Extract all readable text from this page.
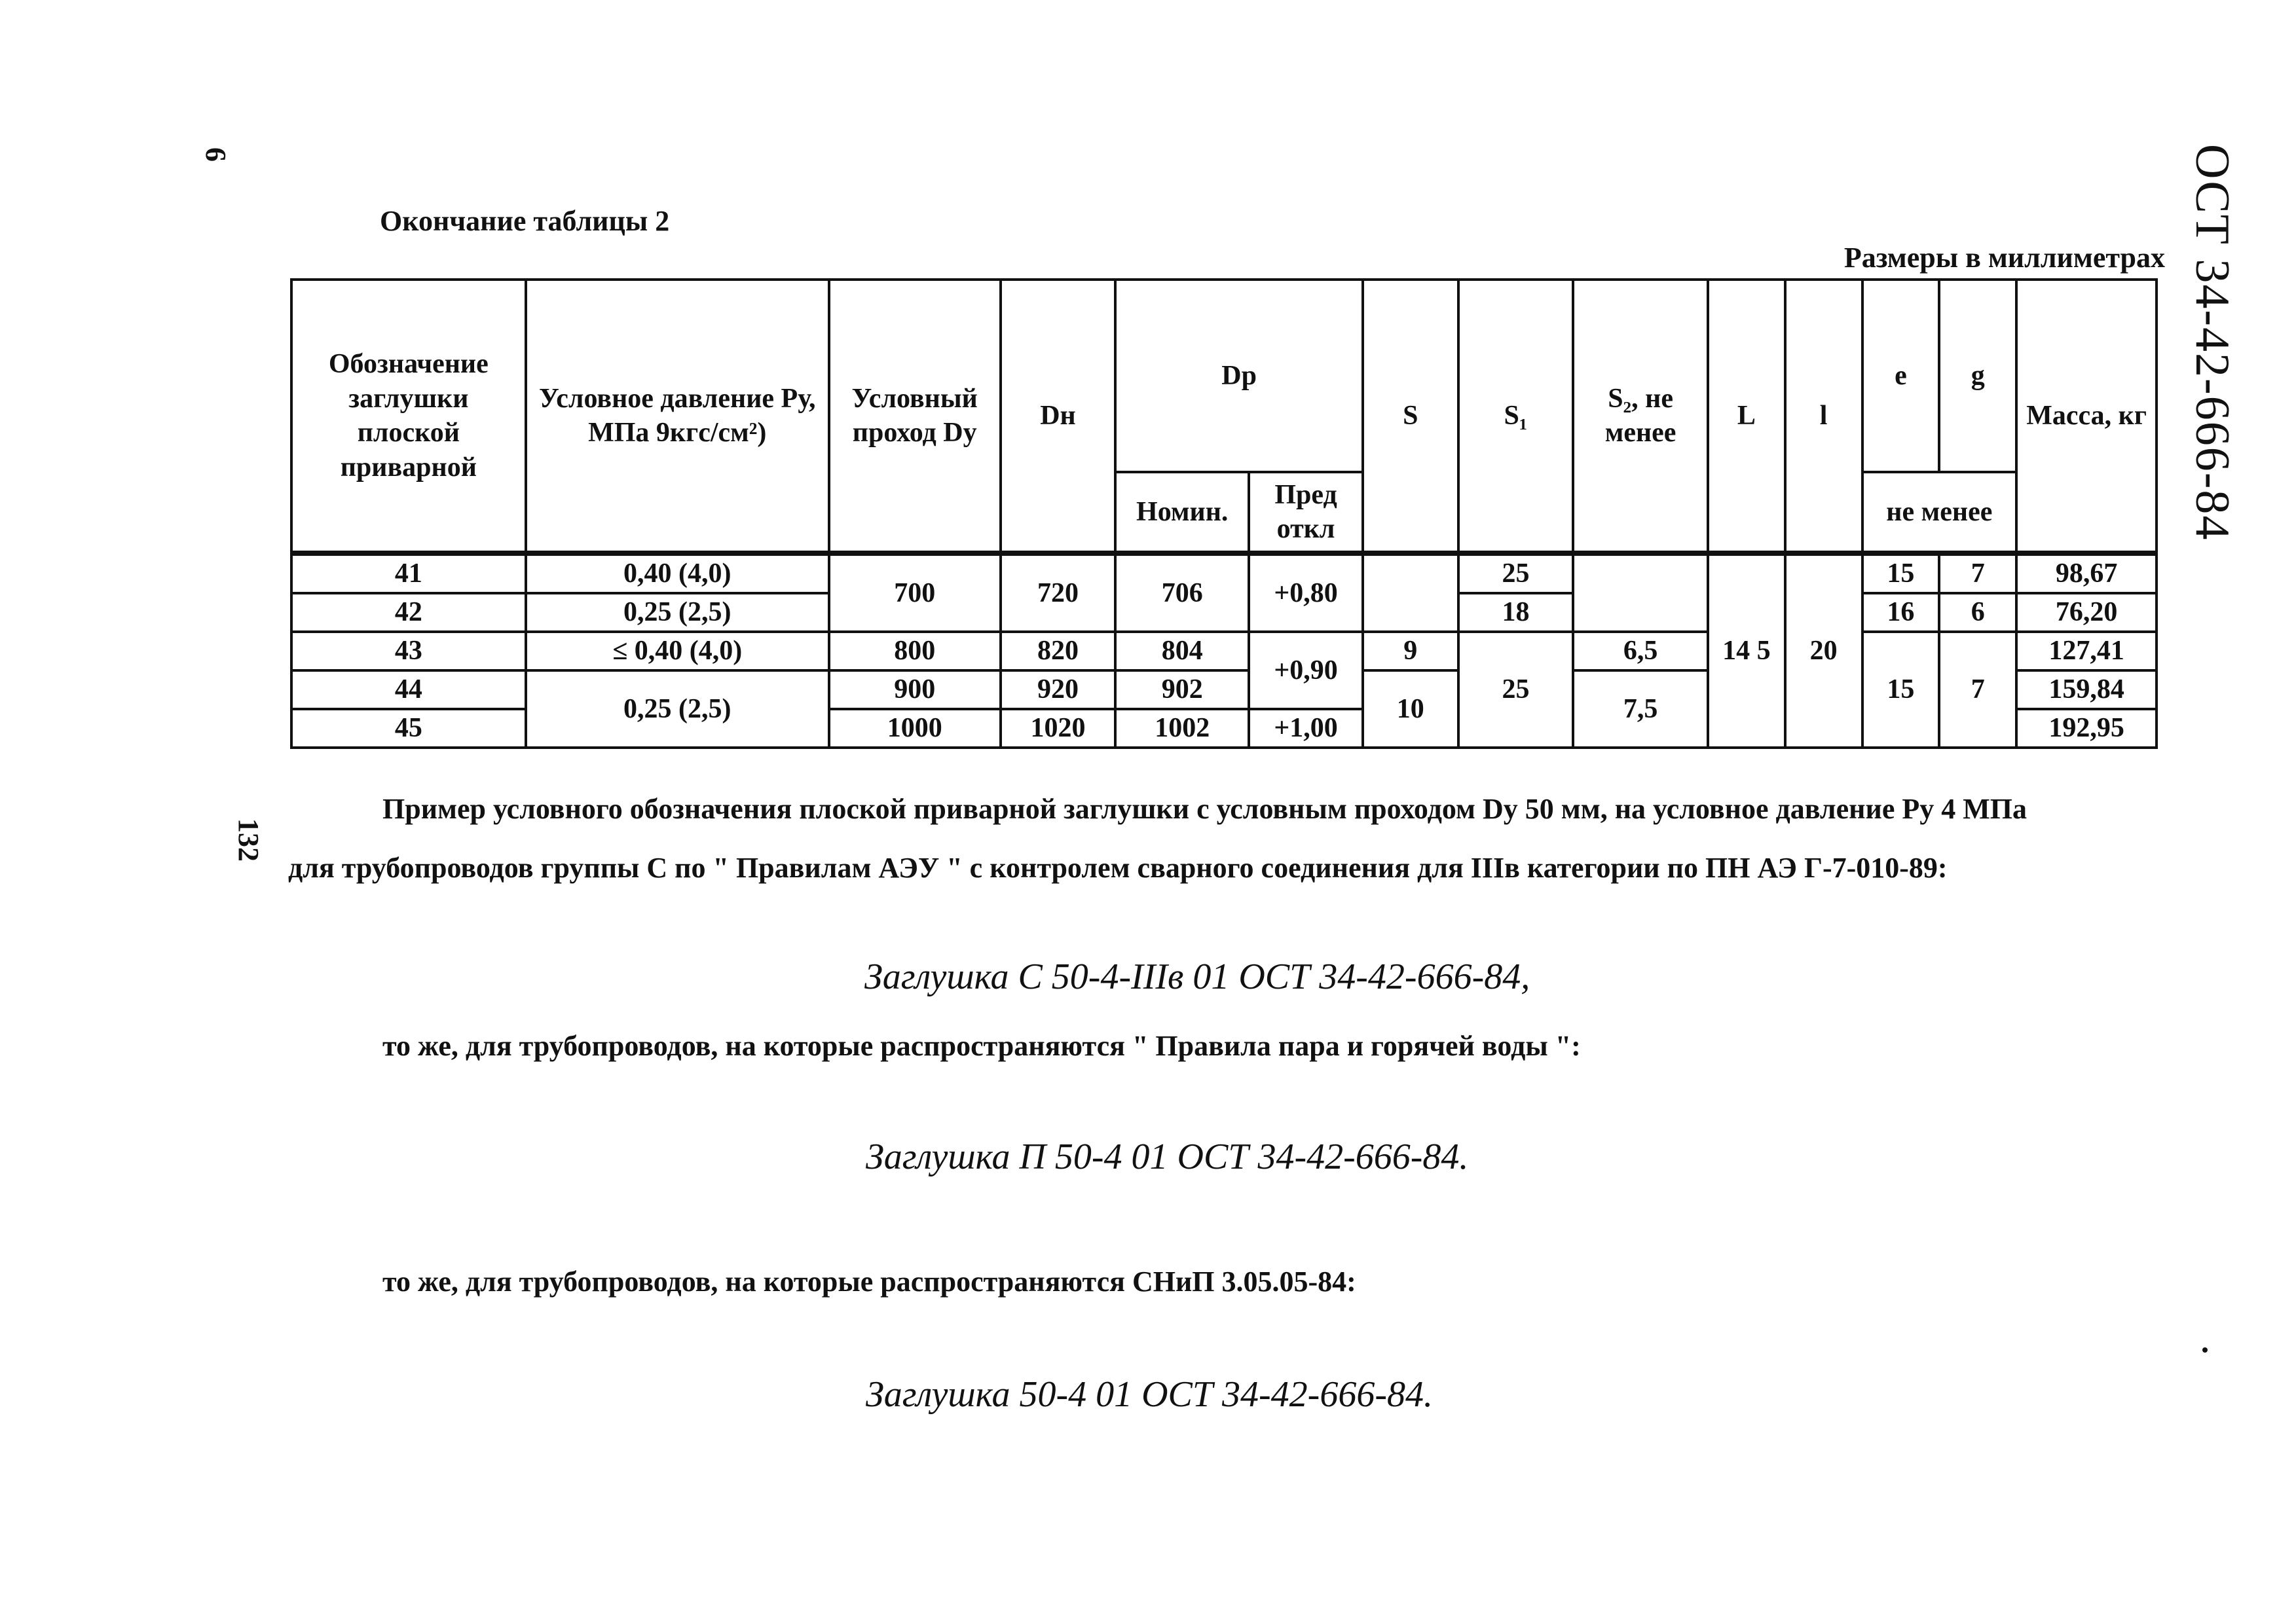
6
132
ОСТ 34-42-666-84
Окончание таблицы 2
Размеры в миллиметрах
Обозначение заглушки плоской приварной	Условное давление Ру, МПа 9кгс/см²)	Условный проход Dy	Dн	Dp		S	S₁	S₂, не менее	L	l	e	g	Масса, кг
				Номин.	Пред откл						не менее		
41	0,40 (4,0)	700	720	706	+0,80		25		14 5	20	15	7	98,67
42	0,25 (2,5)						18				16	6	76,20
43	≤ 0,40 (4,0)	800	820	804	+0,90	9	25	6,5			15	7	127,41
44	0,25 (2,5)	900	920	902		10		7,5					159,84
45		1000	1020	1002	+1,00								192,95
Пример условного обозначения плоской приварной заглушки с условным проходом Dy 50 мм, на условное давление Ру 4 МПа
для трубопроводов группы С по " Правилам АЭУ " с контролем сварного соединения для IIIв категории по ПН АЭ Г-7-010-89:
Заглушка С 50-4-IIIв 01 ОСТ 34-42-666-84,
то же, для трубопроводов, на которые распространяются " Правила пара и горячей воды ":
Заглушка П 50-4 01 ОСТ 34-42-666-84.
то же, для трубопроводов, на которые распространяются СНиП 3.05.05-84:
Заглушка 50-4 01 ОСТ 34-42-666-84.
